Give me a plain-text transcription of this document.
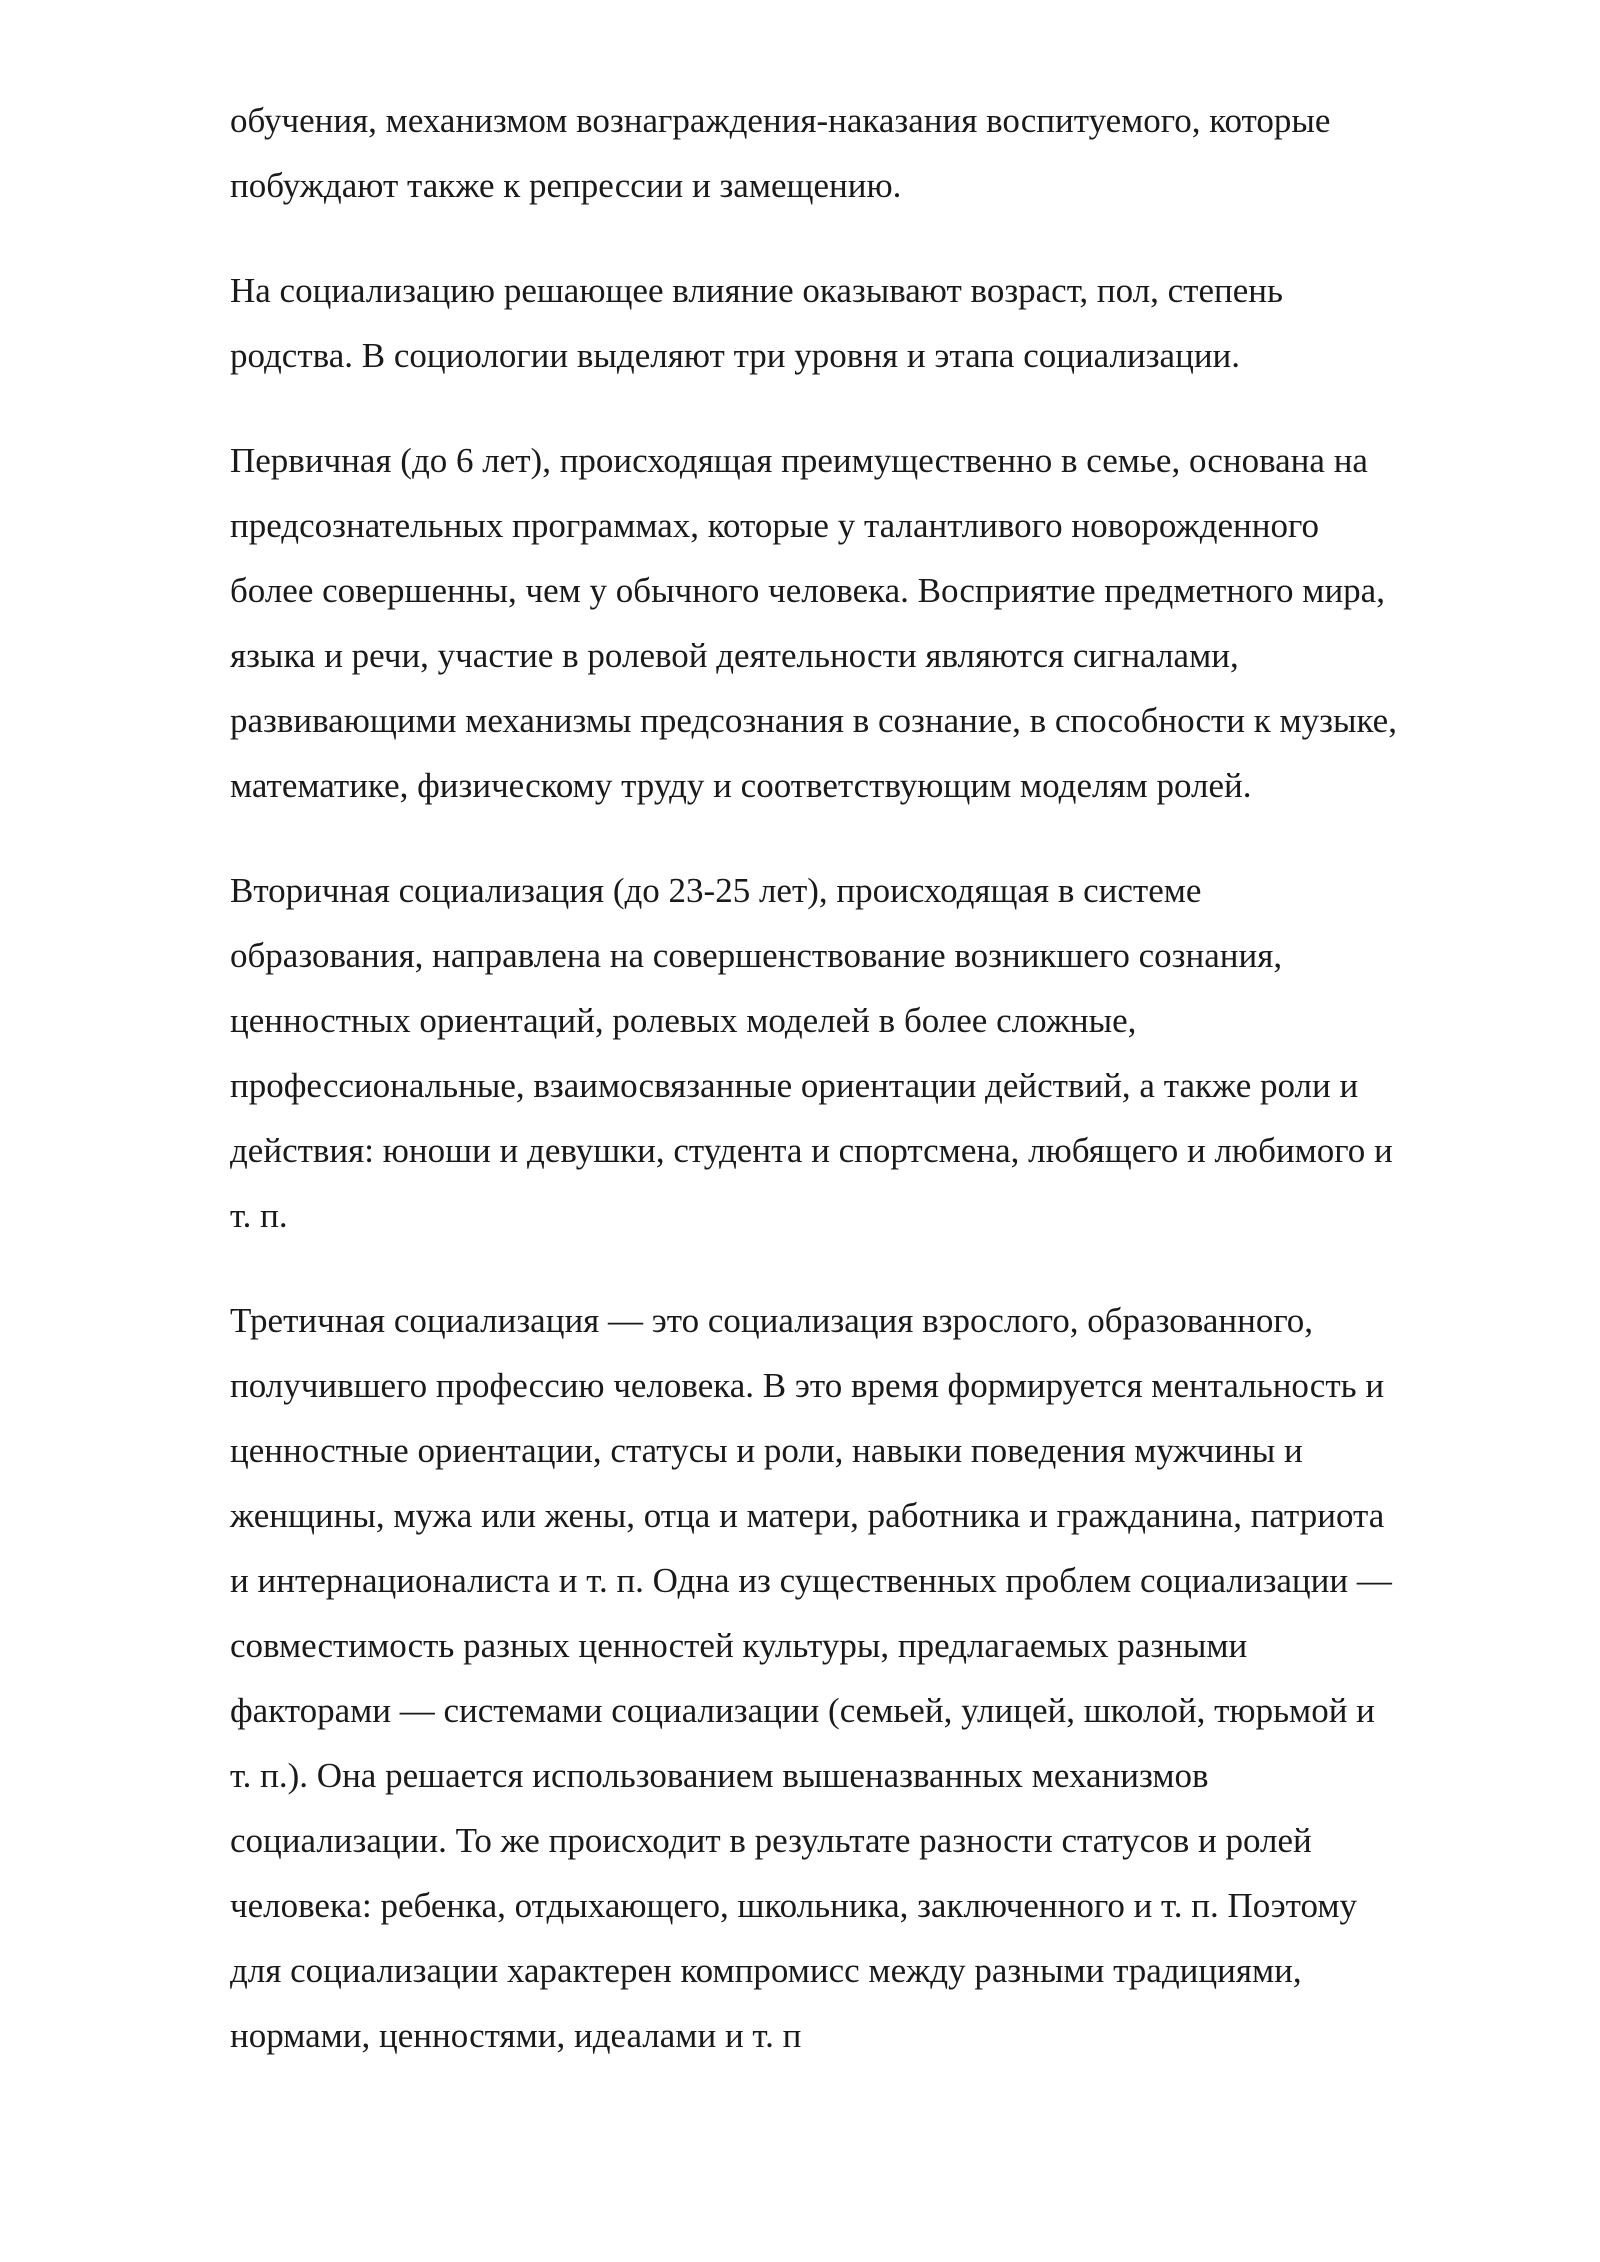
обучения, механизмом вознаграждения-наказания воспитуемого, которые
побуждают также к репрессии и замещению.

На социализацию решающее влияние оказывают возраст, пол, степень
родства. В социологии выделяют три уровня и этапа социализации.

Первичная (до 6 лет), происходящая преимущественно в семье, основана на
предсознательных программах, которые у талантливого новорожденного
более совершенны, чем у обычного человека. Восприятие предметного мира,
языка и речи, участие в ролевой деятельности являются сигналами,
развивающими механизмы предсознания в сознание, в способности к музыке,
математике, физическому труду и соответствующим моделям ролей.

Вторичная социализация (до 23-25 лет), происходящая в системе
образования, направлена на совершенствование возникшего сознания,
ценностных ориентаций, ролевых моделей в более сложные,
профессиональные, взаимосвязанные ориентации действий, а также роли и
действия: юноши и девушки, студента и спортсмена, любящего и любимого и
т. п.

Третичная социализация — это социализация взрослого, образованного,
получившего профессию человека. В это время формируется ментальность и
ценностные ориентации, статусы и роли, навыки поведения мужчины и
женщины, мужа или жены, отца и матери, работника и гражданина, патриота
и интернационалиста и т. п. Одна из существенных проблем социализации —
совместимость разных ценностей культуры, предлагаемых разными
факторами — системами социализации (семьей, улицей, школой, тюрьмой и
т. п.). Она решается использованием вышеназванных механизмов
социализации. То же происходит в результате разности статусов и ролей
человека: ребенка, отдыхающего, школьника, заключенного и т. п. Поэтому
для социализации характерен компромисс между разными традициями,
нормами, ценностями, идеалами и т. п
